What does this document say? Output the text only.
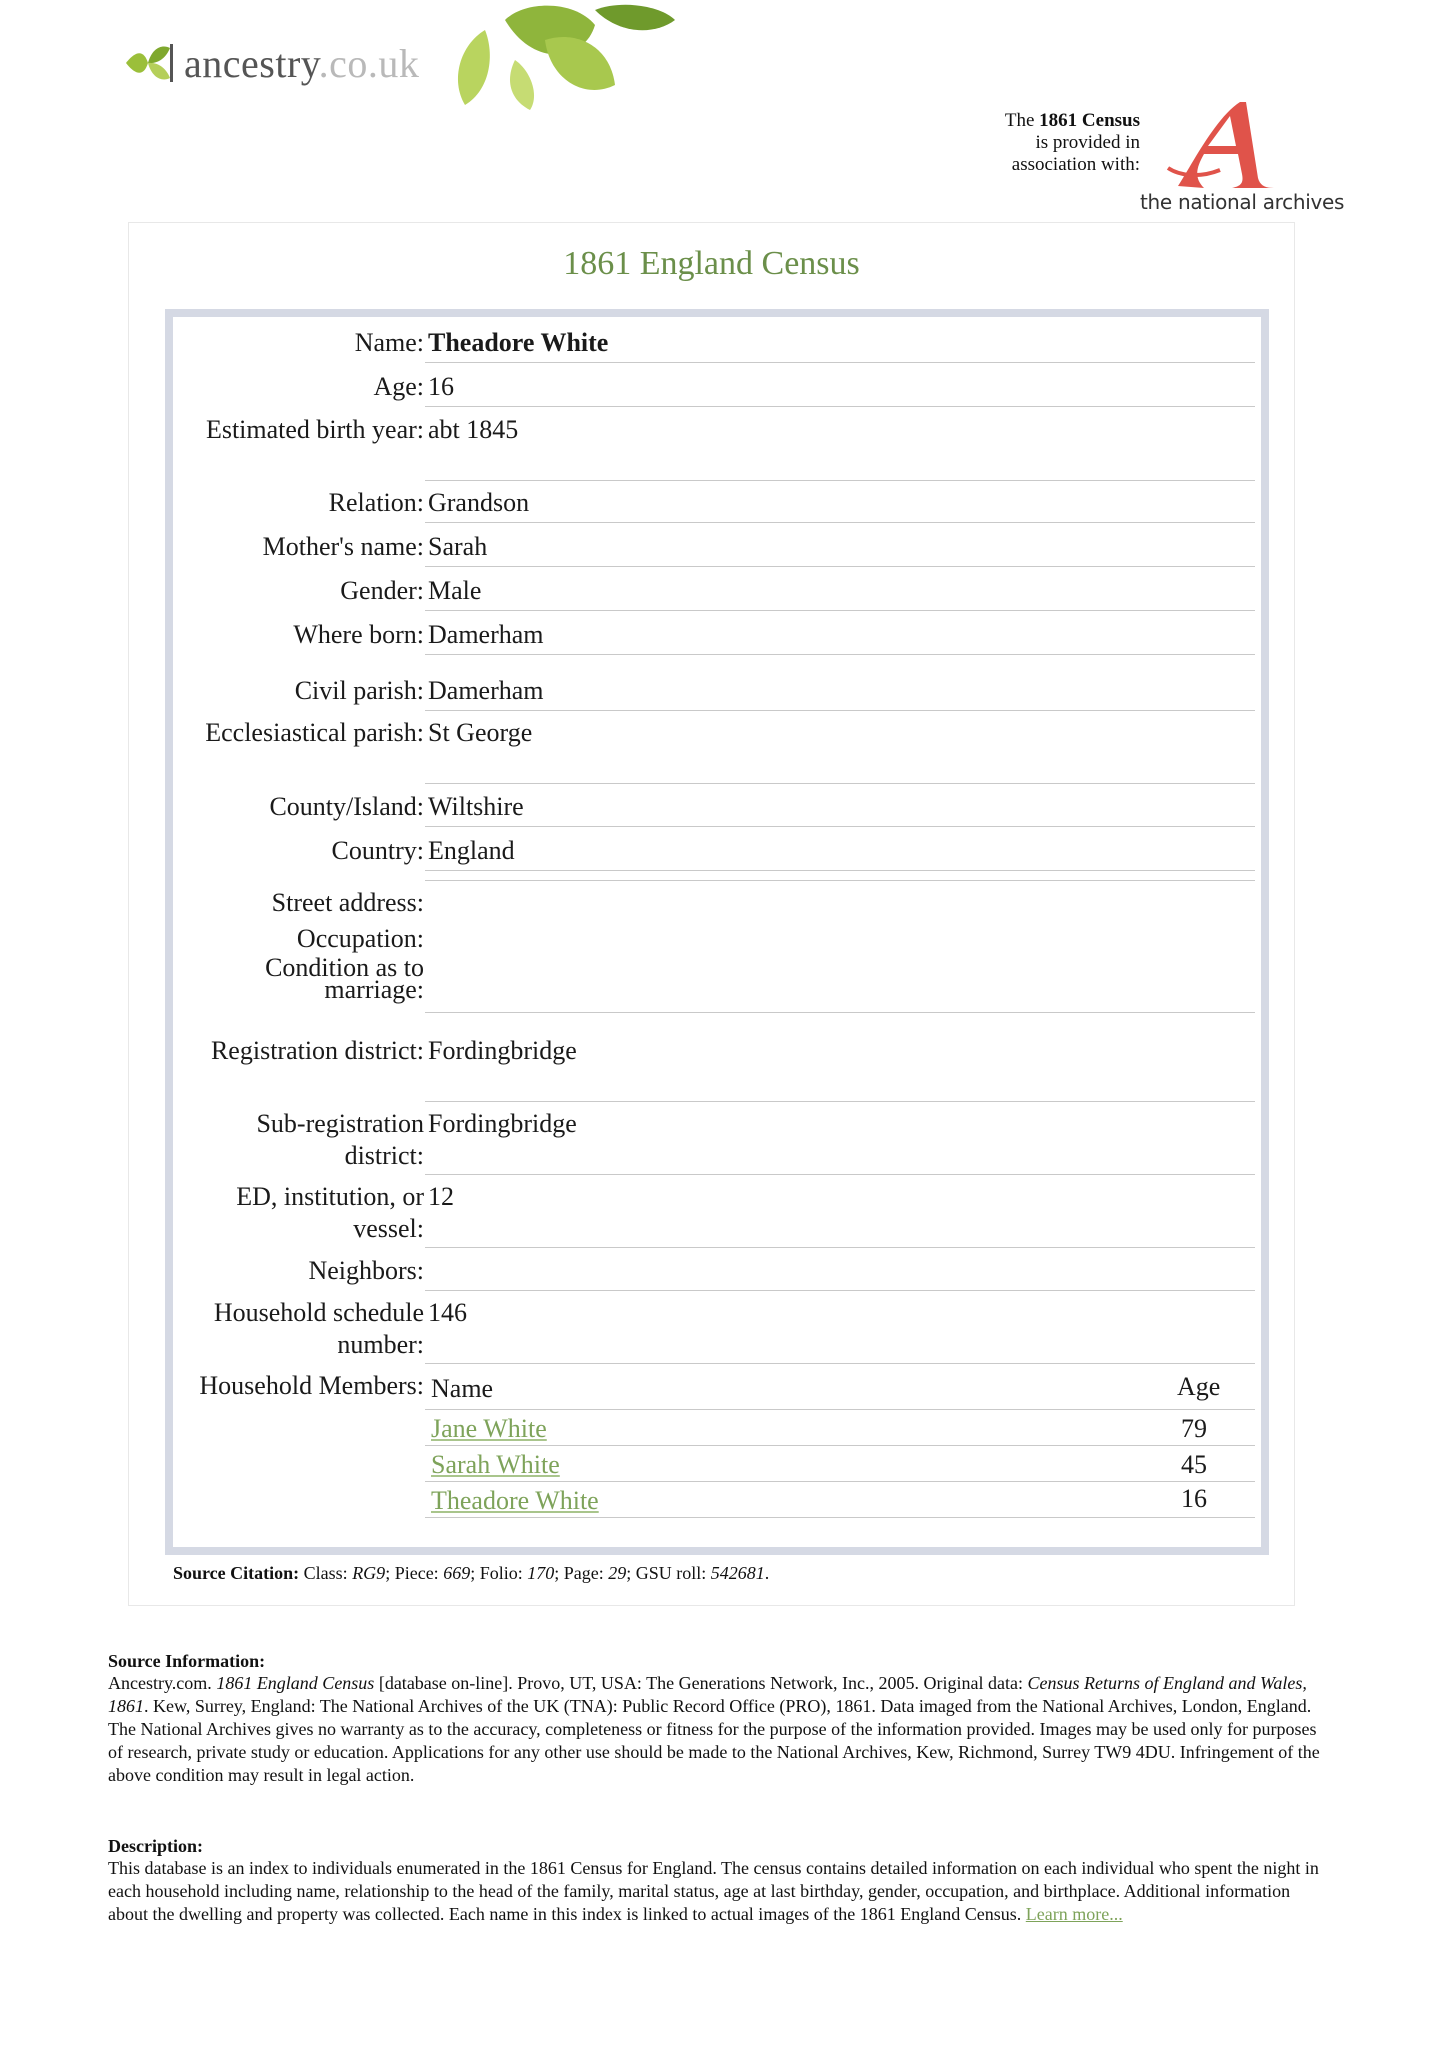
ancestry.co.uk
The 1861 Census
is provided in
association with:
the national archives
1861 England Census
Name: Theadore White
Age: 16
Estimated birth year: abt 1845
Relation: Grandson
Mother's name: Sarah
Gender: Male
Where born: Damerham
Civil parish: Damerham
Ecclesiastical parish: St George
County/Island: Wiltshire
Country: England
Street address:
Occupation:
Condition as to marriage:
Registration district: Fordingbridge
Sub-registration district:
Fordingbridge
ED, institution, or vessel:
12
Neighbors:
Household schedule number:
146
Household Members: Name	Age
Jane White	79
Sarah White	45
Theadore White	16
Source Citation: Class: RG9; Piece: 669; Folio: 170; Page: 29; GSU roll: 542681.
Source Information:

Ancestry.com. 1861 England Census [database on-line]. Provo, UT, USA: The Generations Network, Inc., 2005. Original data: Census Returns of England and Wales, 1861. Kew, Surrey, England: The National Archives of the UK (TNA): Public Record Office (PRO), 1861. Data imaged from the National Archives, London, England. The National Archives gives no warranty as to the accuracy, completeness or fitness for the purpose of the information provided. Images may be used only for purposes of research, private study or education. Applications for any other use should be made to the National Archives, Kew, Richmond, Surrey TW9 4DU. Infringement of the above condition may result in legal action.

Description:

This database is an index to individuals enumerated in the 1861 Census for England. The census contains detailed information on each individual who spent the night in each household including name, relationship to the head of the family, marital status, age at last birthday, gender, occupation, and birthplace. Additional information about the dwelling and property was collected. Each name in this index is linked to actual images of the 1861 England Census. Learn more...
